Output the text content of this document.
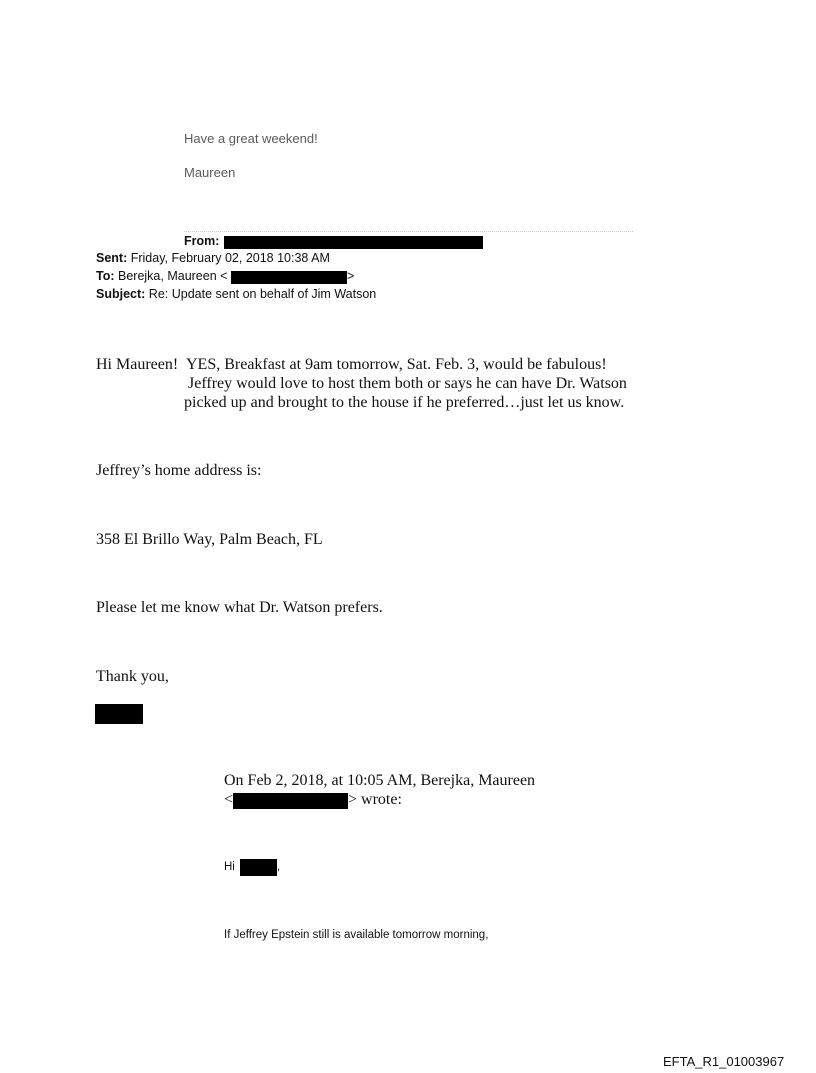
Have a great weekend!
Maureen
From:
Sent: Friday, February 02, 2018 10:38 AM
To: Berejka, Maureen <	>
Subject: Re: Update sent on behalf of Jim Watson
Hi Maureen! YES, Breakfast at 9am tomorrow, Sat. Feb. 3, would be fabulous!
Jeffrey would love to host them both or says he can have Dr. Watson
picked up and brought to the house if he preferred…just let us know.
Jeffrey’s home address is:
358 El Brillo Way, Palm Beach, FL
Please let me know what Dr. Watson prefers.
Thank you,
On Feb 2, 2018, at 10:05 AM, Berejka, Maureen
<	> wrote:
Hi	,
If Jeffrey Epstein still is available tomorrow morning,
EFTA_R1_01003967
